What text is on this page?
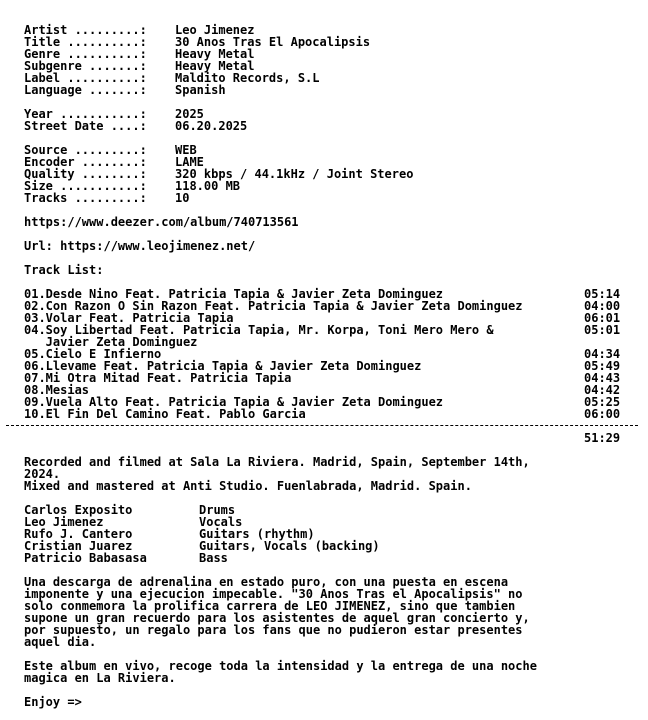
Artist .........: Leo Jimenez
Title ..........: 30 Anos Tras El Apocalipsis
Genre ..........: Heavy Metal
Subgenre .......: Heavy Metal
Label ..........: Maldito Records, S.L
Language .......: Spanish
Year ...........: 2025
Street Date ....: 06.20.2025
Source .........: WEB
Encoder ........: LAME
Quality ........: 320 kbps / 44.1kHz / Joint Stereo
Size ...........: 118.00 MB
Tracks .........: 10
https://www.deezer.com/album/740713561
Url: https://www.leojimenez.net/
Track List:
01.Desde Nino Feat. Patricia Tapia & Javier Zeta Dominguez	05:14
02.Con Razon O Sin Razon Feat. Patricia Tapia & Javier Zeta Dominguez	04:00
03.Volar Feat. Patricia Tapia	06:01
04.Soy Libertad Feat. Patricia Tapia, Mr. Korpa, Toni Mero Mero &	05:01
Javier Zeta Dominguez
05.Cielo E Infierno	04:34
06.Llevame Feat. Patricia Tapia & Javier Zeta Dominguez	05:49
07.Mi Otra Mitad Feat. Patricia Tapia	04:43
08.Mesias	04:42
09.Vuela Alto Feat. Patricia Tapia & Javier Zeta Dominguez	05:25
10.El Fin Del Camino Feat. Pablo Garcia	06:00
51:29
Recorded and filmed at Sala La Riviera. Madrid, Spain, September 14th,
2024.
Mixed and mastered at Anti Studio. Fuenlabrada, Madrid. Spain.
Carlos Exposito	Drums
Leo Jimenez	Vocals
Rufo J. Cantero	Guitars (rhythm)
Cristian Juarez	Guitars, Vocals (backing)
Patricio Babasasa	Bass
Una descarga de adrenalina en estado puro, con una puesta en escena
imponente y una ejecucion impecable. "30 Anos Tras el Apocalipsis" no
solo conmemora la prolifica carrera de LEO JIMENEZ, sino que tambien
supone un gran recuerdo para los asistentes de aquel gran concierto y,
por supuesto, un regalo para los fans que no pudieron estar presentes
aquel dia.
Este album en vivo, recoge toda la intensidad y la entrega de una noche
magica en La Riviera.
Enjoy =>
